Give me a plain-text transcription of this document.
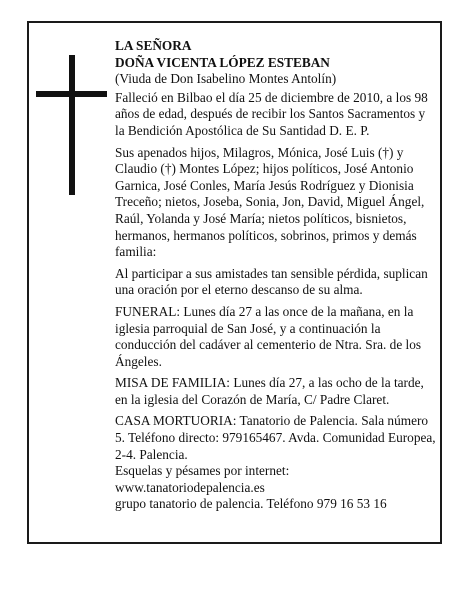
LA SEÑORA

DOÑA VICENTA LÓPEZ ESTEBAN

(Viuda de Don Isabelino Montes Antolín)

Falleció en Bilbao el día 25 de diciembre de 2010, a los 98 años de edad, después de recibir los Santos Sacramentos y la Bendición Apostólica de Su Santidad D. E. P.

Sus apenados hijos, Milagros, Mónica, José Luis (†) y Claudio (†) Montes López; hijos políticos, José Antonio Garnica, José Conles, María Jesús Rodríguez y Dionisia Treceño; nietos, Joseba, Sonia, Jon, David, Miguel Ángel, Raúl, Yolanda y José María; nietos políticos, bisnietos, hermanos, hermanos políticos, sobrinos, primos y demás familia:

Al participar a sus amistades tan sensible pérdida, suplican una oración por el eterno descanso de su alma.

FUNERAL: Lunes día 27 a las once de la mañana, en la iglesia parroquial de San José, y a continuación la conducción del cadáver al cementerio de Ntra. Sra. de los Ángeles.

MISA DE FAMILIA: Lunes día 27, a las ocho de la tarde, en la iglesia del Corazón de María, C/ Padre Claret.

CASA MORTUORIA: Tanatorio de Palencia. Sala número 5. Teléfono directo: 979165467. Avda. Comunidad Europea, 2-4. Palencia.

Esquelas y pésames por internet:

www.tanatoriodepalencia.es

grupo tanatorio de palencia. Teléfono 979 16 53 16
